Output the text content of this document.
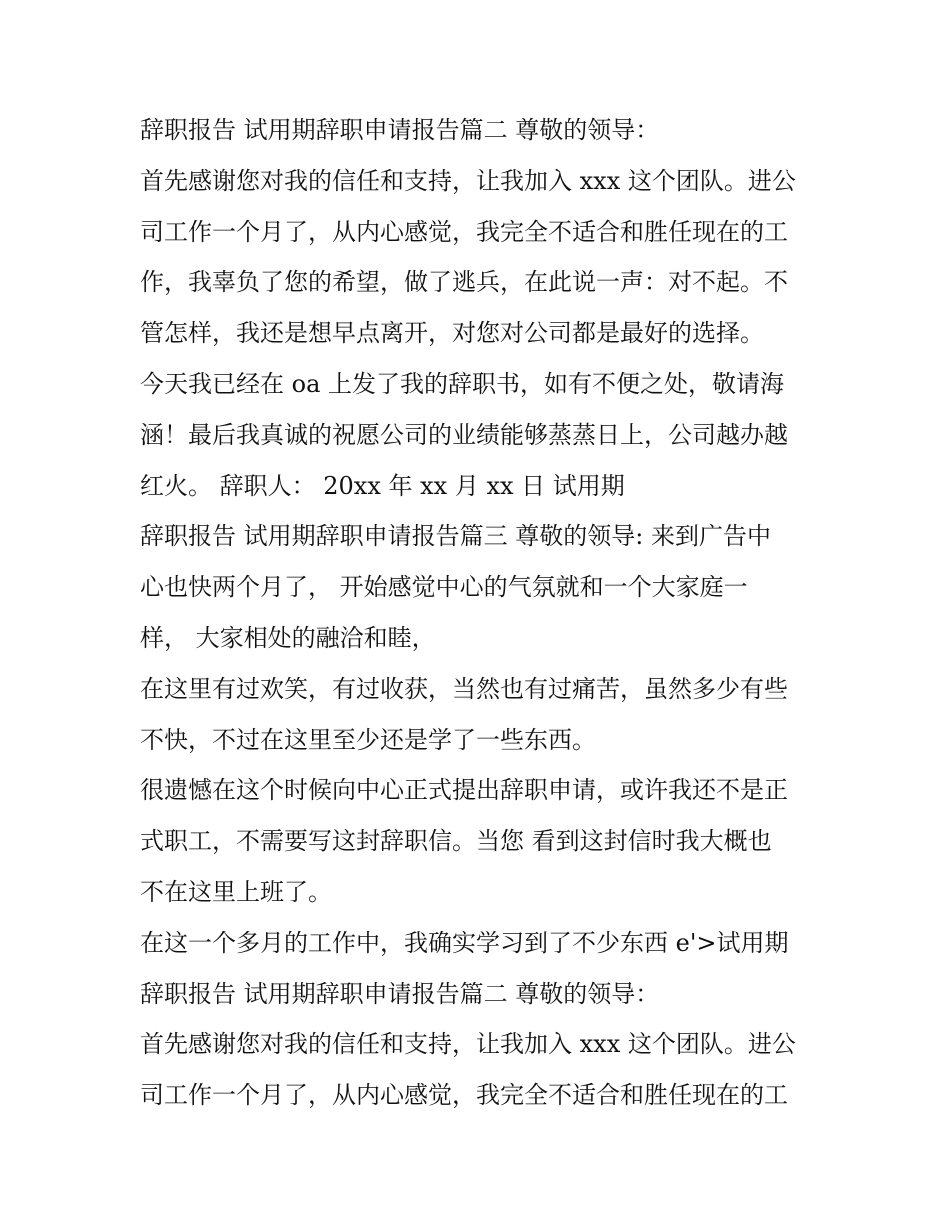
辞职报告 试用期辞职申请报告篇二 尊敬的领导：
首先感谢您对我的信任和支持，让我加入 xxx 这个团队。进公
司工作一个月了，从内心感觉，我完全不适合和胜任现在的工
作，我辜负了您的希望，做了逃兵，在此说一声：对不起。不
管怎样，我还是想早点离开，对您对公司都是最好的选择。
今天我已经在 oa 上发了我的辞职书，如有不便之处，敬请海
涵！最后我真诚的祝愿公司的业绩能够蒸蒸日上，公司越办越
红火。 辞职人： 20xx 年 xx 月 xx 日 试用期
辞职报告 试用期辞职申请报告篇三 尊敬的领导: 来到广告中
心也快两个月了， 开始感觉中心的气氛就和一个大家庭一
样， 大家相处的融洽和睦，
在这里有过欢笑，有过收获，当然也有过痛苦，虽然多少有些
不快，不过在这里至少还是学了一些东西。
很遗憾在这个时候向中心正式提出辞职申请，或许我还不是正
式职工，不需要写这封辞职信。当您 看到这封信时我大概也
不在这里上班了。
在这一个多月的工作中，我确实学习到了不少东西 e'>试用期
辞职报告 试用期辞职申请报告篇二 尊敬的领导：
首先感谢您对我的信任和支持，让我加入 xxx 这个团队。进公
司工作一个月了，从内心感觉，我完全不适合和胜任现在的工
